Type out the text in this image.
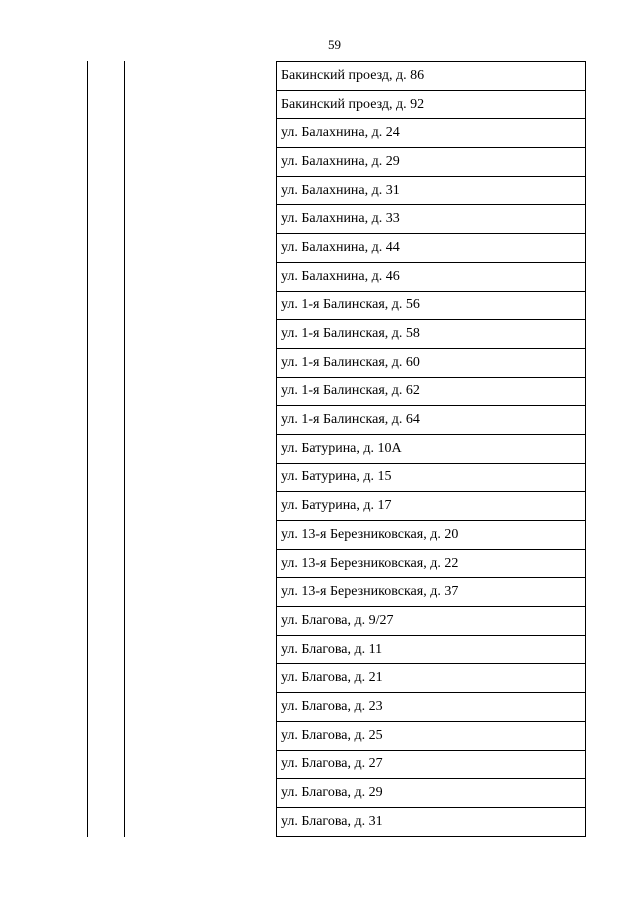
59
Бакинский проезд, д. 86
Бакинский проезд, д. 92
ул. Балахнина, д. 24
ул. Балахнина, д. 29
ул. Балахнина, д. 31
ул. Балахнина, д. 33
ул. Балахнина, д. 44
ул. Балахнина, д. 46
ул. 1-я Балинская, д. 56
ул. 1-я Балинская, д. 58
ул. 1-я Балинская, д. 60
ул. 1-я Балинская, д. 62
ул. 1-я Балинская, д. 64
ул. Батурина, д. 10А
ул. Батурина, д. 15
ул. Батурина, д. 17
ул. 13-я Березниковская, д. 20
ул. 13-я Березниковская, д. 22
ул. 13-я Березниковская, д. 37
ул. Благова, д. 9/27
ул. Благова, д. 11
ул. Благова, д. 21
ул. Благова, д. 23
ул. Благова, д. 25
ул. Благова, д. 27
ул. Благова, д. 29
ул. Благова, д. 31
